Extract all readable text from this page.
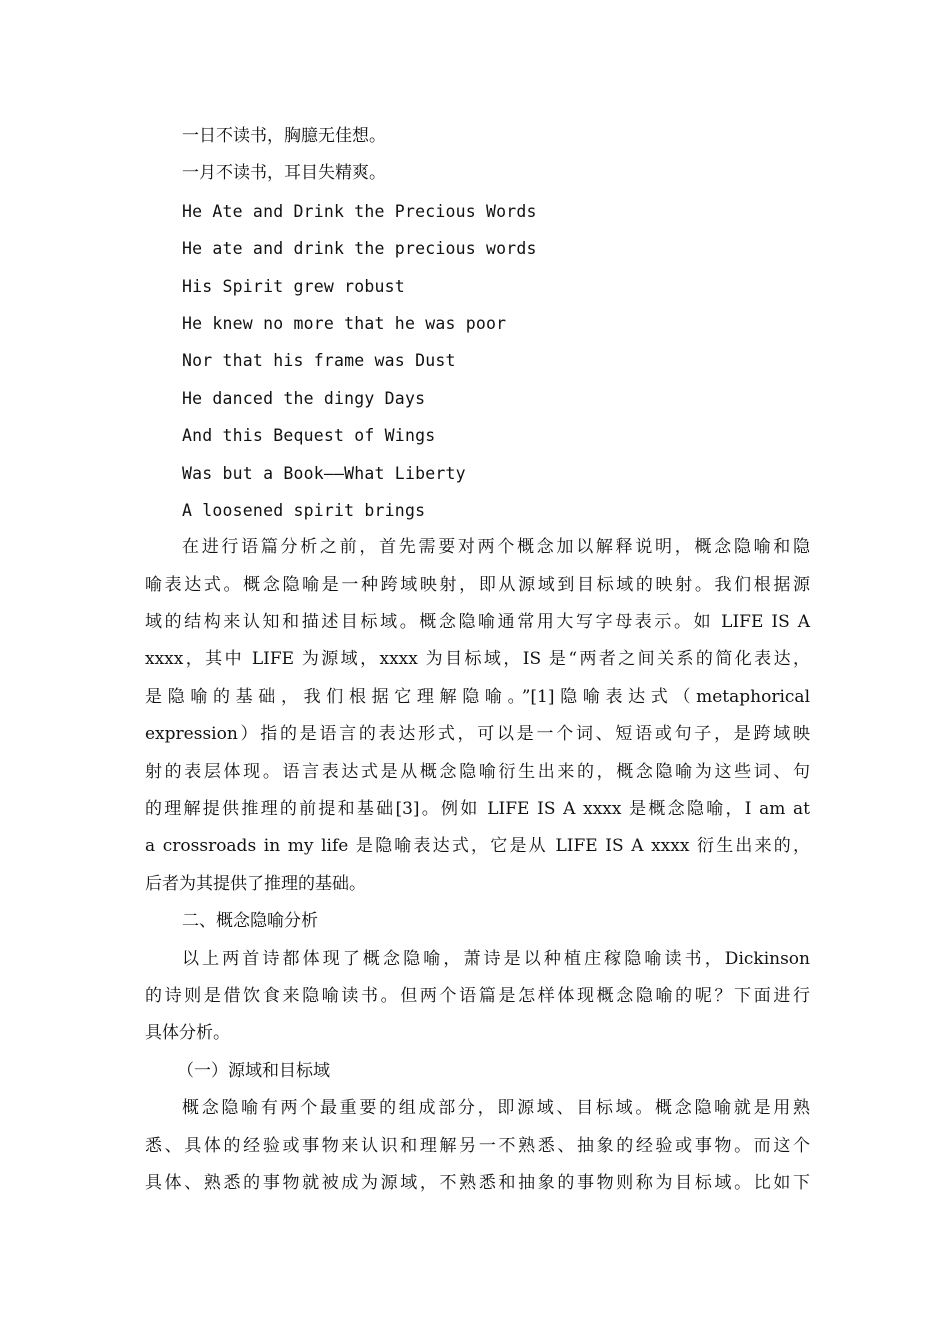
一日不读书，胸臆无佳想。
一月不读书，耳目失精爽。
He Ate and Drink the Precious Words
He ate and drink the precious words
His Spirit grew robust
He knew no more that he was poor
Nor that his frame was Dust
He danced the dingy Days
And this Bequest of Wings
Was but a Book——What Liberty
A loosened spirit brings
在进行语篇分析之前，首先需要对两个概念加以解释说明，概念隐喻和隐
喻表达式。概念隐喻是一种跨域映射，即从源域到目标域的映射。我们根据源
域的结构来认知和描述目标域。概念隐喻通常用大写字母表示。如 LIFE IS A
xxxx，其中 LIFE 为源域，xxxx 为目标域，IS 是“两者之间关系的简化表达，
是隐喻的基础，我们根据它理解隐喻。”[1]隐喻表达式（metaphorical
expression）指的是语言的表达形式，可以是一个词、短语或句子，是跨域映
射的表层体现。语言表达式是从概念隐喻衍生出来的，概念隐喻为这些词、句
的理解提供推理的前提和基础[3]。例如 LIFE IS A xxxx 是概念隐喻，I am at
a crossroads in my life 是隐喻表达式，它是从 LIFE IS A xxxx 衍生出来的，
后者为其提供了推理的基础。
二、概念隐喻分析
以上两首诗都体现了概念隐喻，萧诗是以种植庄稼隐喻读书，Dickinson
的诗则是借饮食来隐喻读书。但两个语篇是怎样体现概念隐喻的呢？下面进行
具体分析。
（一）源域和目标域
概念隐喻有两个最重要的组成部分，即源域、目标域。概念隐喻就是用熟
悉、具体的经验或事物来认识和理解另一不熟悉、抽象的经验或事物。而这个
具体、熟悉的事物就被成为源域，不熟悉和抽象的事物则称为目标域。比如下
